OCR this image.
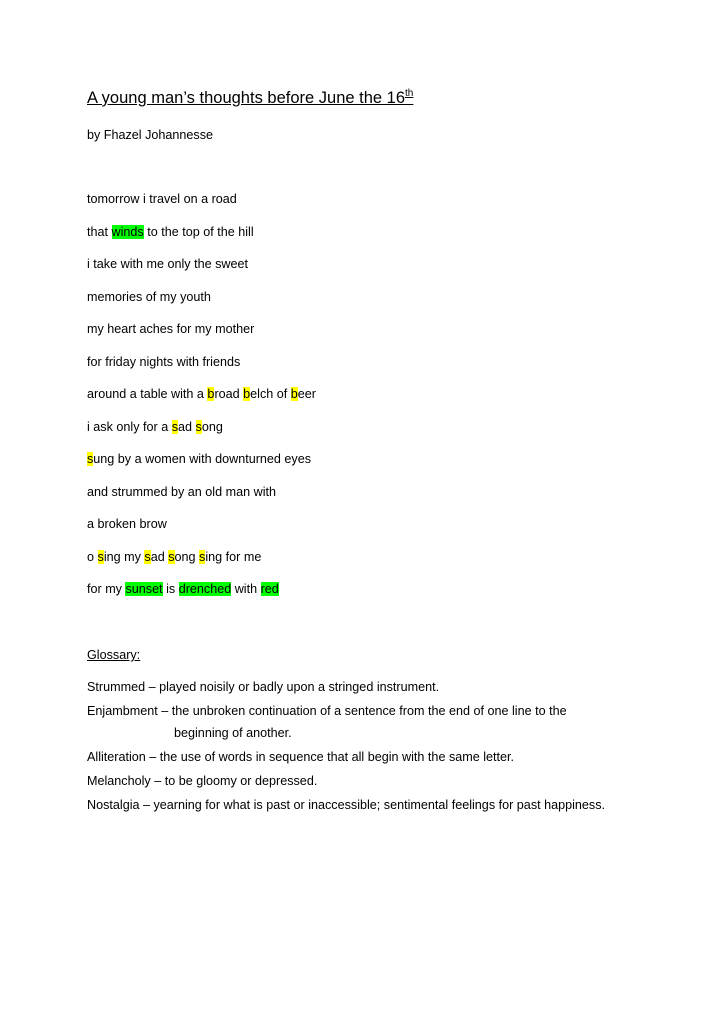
A young man’s thoughts before June the 16th
by Fhazel Johannesse
tomorrow i travel on a road
that winds to the top of the hill
i take with me only the sweet
memories of my youth
my heart aches for my mother
for friday nights with friends
around a table with a broad belch of beer
i ask only for a sad song
sung by a women with downturned eyes
and strummed by an old man with
a broken brow
o sing my sad song sing for me
for my sunset is drenched with red
Glossary:
Strummed – played noisily or badly upon a stringed instrument.
Enjambment – the unbroken continuation of a sentence from the end of one line to the
beginning of another.
Alliteration – the use of words in sequence that all begin with the same letter.
Melancholy – to be gloomy or depressed.
Nostalgia – yearning for what is past or inaccessible; sentimental feelings for past happiness.
